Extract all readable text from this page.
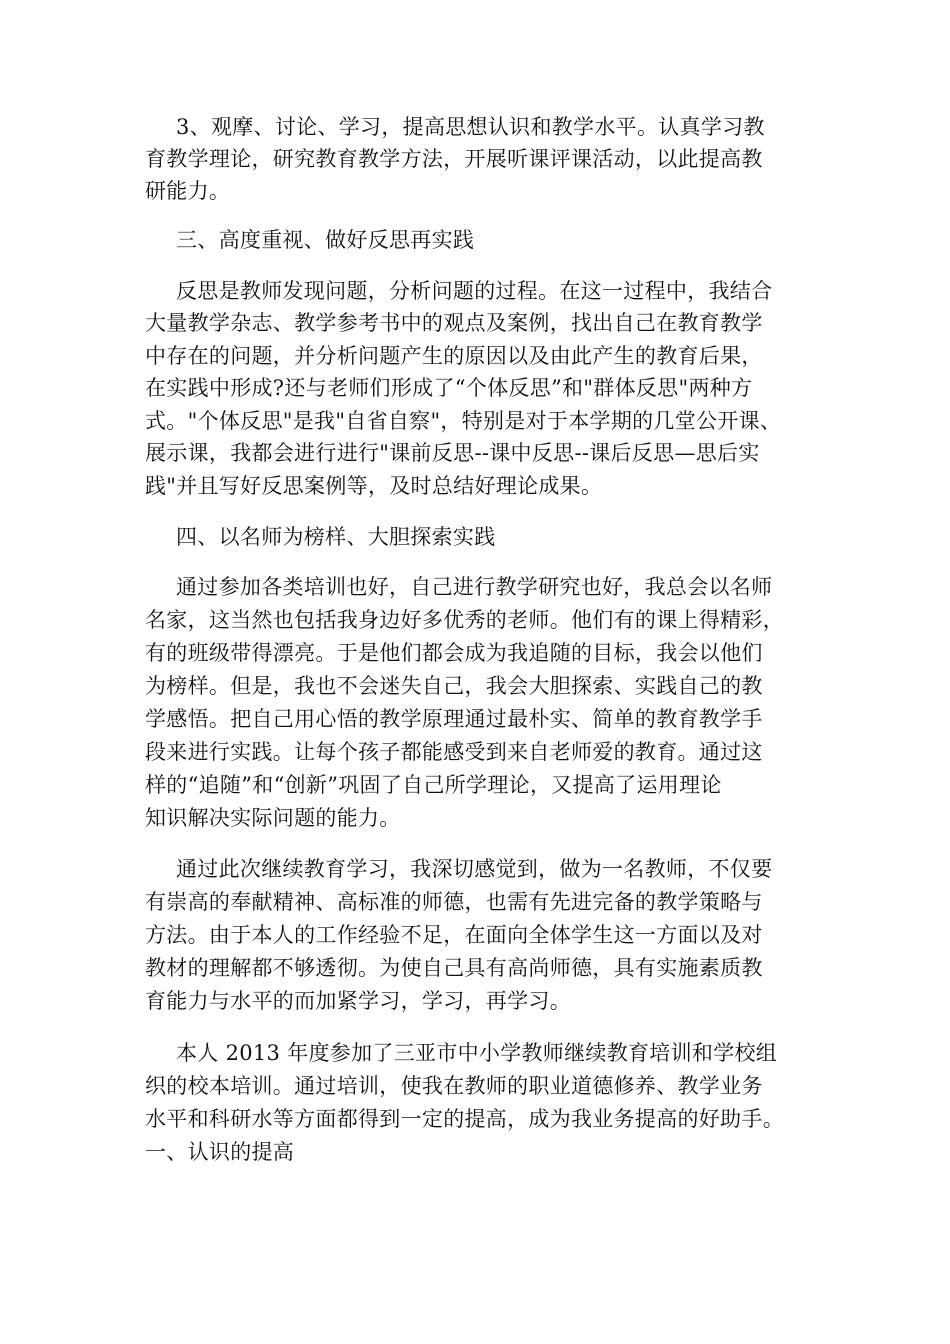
3、观摩、讨论、学习，提高思想认识和教学水平。认真学习教
育教学理论，研究教育教学方法，开展听课评课活动，以此提高教
研能力。
三、高度重视、做好反思再实践
反思是教师发现问题，分析问题的过程。在这一过程中，我结合
大量教学杂志、教学参考书中的观点及案例，找出自己在教育教学
中存在的问题，并分析问题产生的原因以及由此产生的教育后果，
在实践中形成?还与老师们形成了“个体反思”和"群体反思"两种方
式。"个体反思"是我"自省自察"，特别是对于本学期的几堂公开课、
展示课，我都会进行进行"课前反思--课中反思--课后反思—思后实
践"并且写好反思案例等，及时总结好理论成果。
四、以名师为榜样、大胆探索实践
通过参加各类培训也好，自己进行教学研究也好，我总会以名师
名家，这当然也包括我身边好多优秀的老师。他们有的课上得精彩，
有的班级带得漂亮。于是他们都会成为我追随的目标，我会以他们
为榜样。但是，我也不会迷失自己，我会大胆探索、实践自己的教
学感悟。把自己用心悟的教学原理通过最朴实、简单的教育教学手
段来进行实践。让每个孩子都能感受到来自老师爱的教育。通过这
样的“追随”和“创新”巩固了自己所学理论，又提高了运用理论
知识解决实际问题的能力。
通过此次继续教育学习，我深切感觉到，做为一名教师，不仅要
有崇高的奉献精神、高标准的师德，也需有先进完备的教学策略与
方法。由于本人的工作经验不足，在面向全体学生这一方面以及对
教材的理解都不够透彻。为使自己具有高尚师德，具有实施素质教
育能力与水平的而加紧学习，学习，再学习。
本人 2013 年度参加了三亚市中小学教师继续教育培训和学校组
织的校本培训。通过培训，使我在教师的职业道德修养、教学业务
水平和科研水等方面都得到一定的提高，成为我业务提高的好助手。
一、认识的提高
